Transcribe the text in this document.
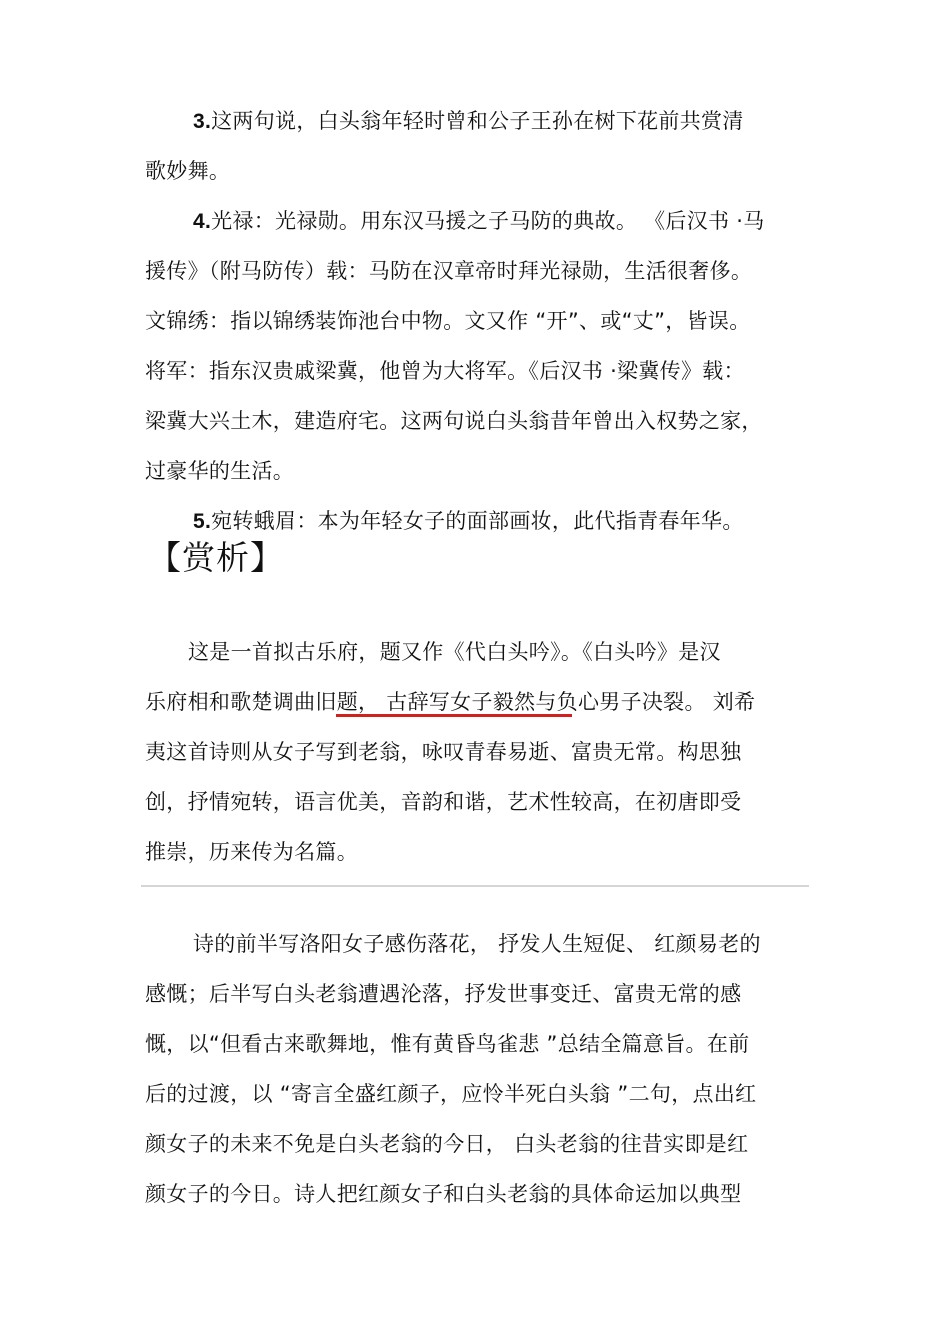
3.这两句说，白头翁年轻时曾和公子王孙在树下花前共赏清
歌妙舞。
4.光禄：光禄勋。用东汉马援之子马防的典故。 《后汉书 ·马
援传》（附马防传）载：马防在汉章帝时拜光禄勋，生活很奢侈。
文锦绣：指以锦绣装饰池台中物。文又作 “开”、或“丈”，皆误。
将军：指东汉贵戚梁冀，他曾为大将军。《后汉书 ·梁冀传》载：
梁冀大兴土木，建造府宅。这两句说白头翁昔年曾出入权势之家，
过豪华的生活。
5.宛转蛾眉：本为年轻女子的面部画妆，此代指青春年华。
【赏析】
这是一首拟古乐府，题又作《代白头吟》。《白头吟》是汉
乐府相和歌楚调曲旧题， 古辞写女子毅然与负心男子决裂。 刘希
夷这首诗则从女子写到老翁，咏叹青春易逝、富贵无常。构思独
创，抒情宛转，语言优美，音韵和谐，艺术性较高，在初唐即受
推崇，历来传为名篇。
诗的前半写洛阳女子感伤落花， 抒发人生短促、 红颜易老的
感慨；后半写白头老翁遭遇沦落，抒发世事变迁、富贵无常的感
慨，以“但看古来歌舞地，惟有黄昏鸟雀悲 ”总结全篇意旨。在前
后的过渡，以 “寄言全盛红颜子，应怜半死白头翁 ”二句，点出红
颜女子的未来不免是白头老翁的今日， 白头老翁的往昔实即是红
颜女子的今日。诗人把红颜女子和白头老翁的具体命运加以典型
